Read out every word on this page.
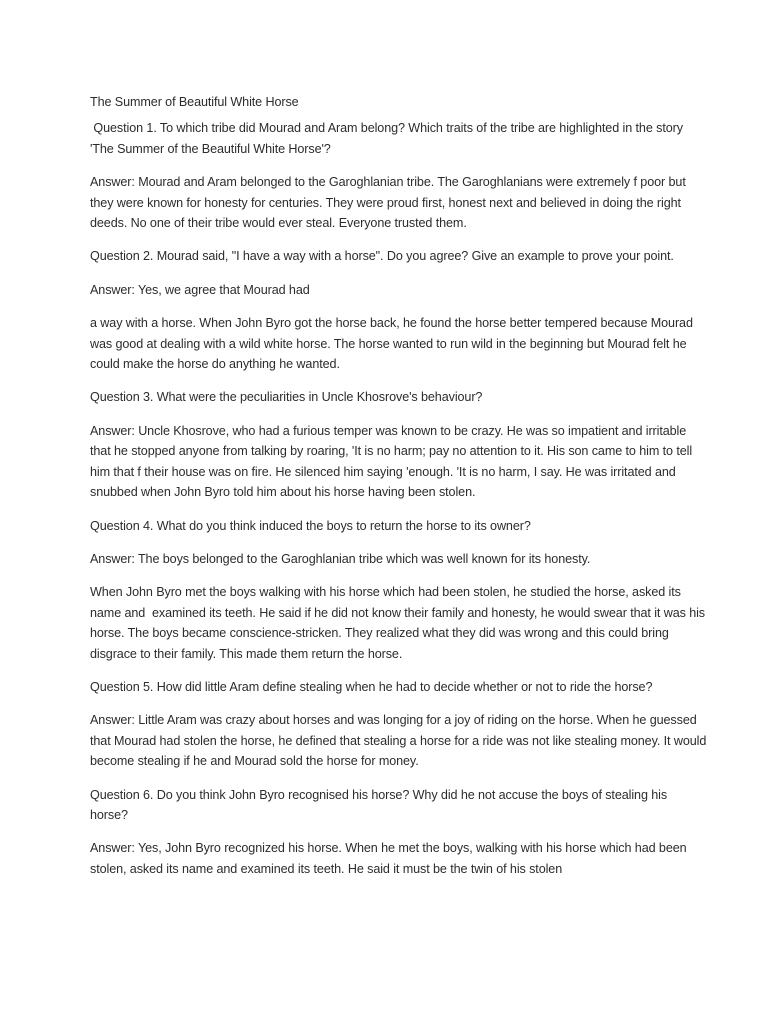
The Summer of Beautiful White Horse

Question 1. To which tribe did Mourad and Aram belong? Which traits of the tribe are highlighted in the story 'The Summer of the Beautiful White Horse'?

Answer: Mourad and Aram belonged to the Garoghlanian tribe. The Garoghlanians were extremely f poor but they were known for honesty for centuries. They were proud first, honest next and believed in doing the right deeds. No one of their tribe would ever steal. Everyone trusted them.

Question 2. Mourad said, "I have a way with a horse". Do you agree? Give an example to prove your point.

Answer: Yes, we agree that Mourad had

a way with a horse. When John Byro got the horse back, he found the horse better tempered because Mourad was good at dealing with a wild white horse. The horse wanted to run wild in the beginning but Mourad felt he could make the horse do anything he wanted.

Question 3. What were the peculiarities in Uncle Khosrove's behaviour?

Answer: Uncle Khosrove, who had a furious temper was known to be crazy. He was so impatient and irritable that he stopped anyone from talking by roaring, 'It is no harm; pay no attention to it. His son came to him to tell him that f their house was on fire. He silenced him saying 'enough. 'It is no harm, I say. He was irritated and snubbed when John Byro told him about his horse having been stolen.

Question 4. What do you think induced the boys to return the horse to its owner?

Answer: The boys belonged to the Garoghlanian tribe which was well known for its honesty.

When John Byro met the boys walking with his horse which had been stolen, he studied the horse, asked its name and  examined its teeth. He said if he did not know their family and honesty, he would swear that it was his horse. The boys became conscience-stricken. They realized what they did was wrong and this could bring disgrace to their family. This made them return the horse.

Question 5. How did little Aram define stealing when he had to decide whether or not to ride the horse?

Answer: Little Aram was crazy about horses and was longing for a joy of riding on the horse. When he guessed that Mourad had stolen the horse, he defined that stealing a horse for a ride was not like stealing money. It would become stealing if he and Mourad sold the horse for money.

Question 6. Do you think John Byro recognised his horse? Why did he not accuse the boys of stealing his horse?

Answer: Yes, John Byro recognized his horse. When he met the boys, walking with his horse which had been stolen, asked its name and examined its teeth. He said it must be the twin of his stolen
